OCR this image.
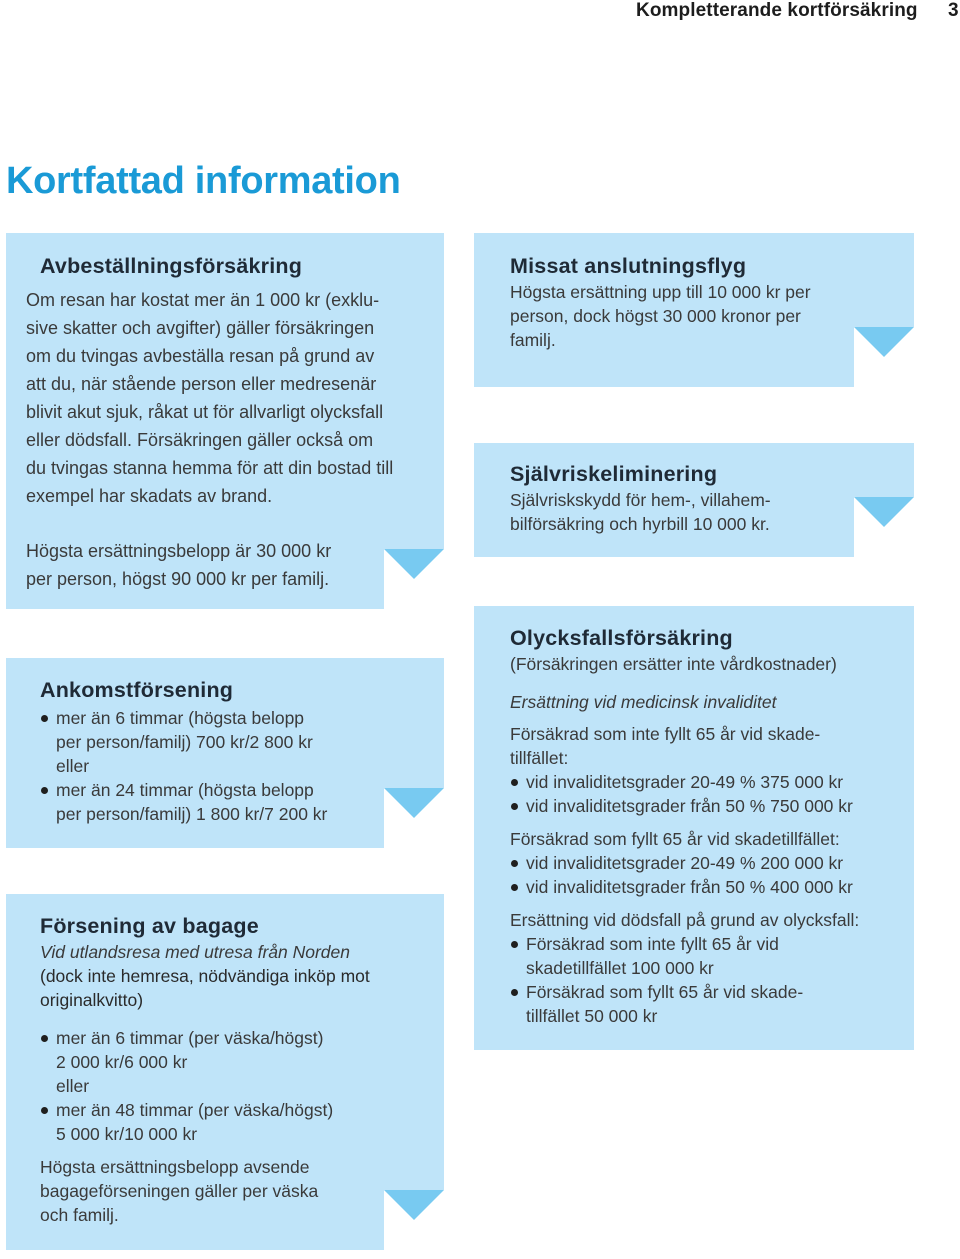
Kompletterande kortförsäkring 3
Kortfattad information
Avbeställningsförsäkring
Om resan har kostat mer än 1 000 kr (exklu-
sive skatter och avgifter) gäller försäkringen
om du tvingas avbeställa resan på grund av
att du, när stående person eller medresenär
blivit akut sjuk, råkat ut för allvarligt olycksfall
eller dödsfall. Försäkringen gäller också om
du tvingas stanna hemma för att din bostad till
exempel har skadats av brand.
Högsta ersättningsbelopp är 30 000 kr
per person, högst 90 000 kr per familj.
Ankomstförsening
mer än 6 timmar (högsta belopp
per person/familj) 700 kr/2 800 kr
eller
mer än 24 timmar (högsta belopp
per person/familj) 1 800 kr/7 200 kr
Försening av bagage
Vid utlandsresa med utresa från Norden
(dock inte hemresa, nödvändiga inköp mot
originalkvitto)
mer än 6 timmar (per väska/högst)
2 000 kr/6 000 kr
eller
mer än 48 timmar (per väska/högst)
5 000 kr/10 000 kr
Högsta ersättningsbelopp avsende
bagageförseningen gäller per väska
och familj.
Missat anslutningsflyg
Högsta ersättning upp till 10 000 kr per
person, dock högst 30 000 kronor per
familj.
Självriskeliminering
Självriskskydd för hem-, villahem-
bilförsäkring och hyrbill 10 000 kr.
Olycksfallsförsäkring
(Försäkringen ersätter inte vårdkostnader)
Ersättning vid medicinsk invaliditet
Försäkrad som inte fyllt 65 år vid skade-
tillfället:
vid invaliditetsgrader 20-49 % 375 000 kr
vid invaliditetsgrader från 50 % 750 000 kr
Försäkrad som fyllt 65 år vid skadetillfället:
vid invaliditetsgrader 20-49 % 200 000 kr
vid invaliditetsgrader från 50 % 400 000 kr
Ersättning vid dödsfall på grund av olycksfall:
Försäkrad som inte fyllt 65 år vid
skadetillfället 100 000 kr
Försäkrad som fyllt 65 år vid skade-
tillfället 50 000 kr
